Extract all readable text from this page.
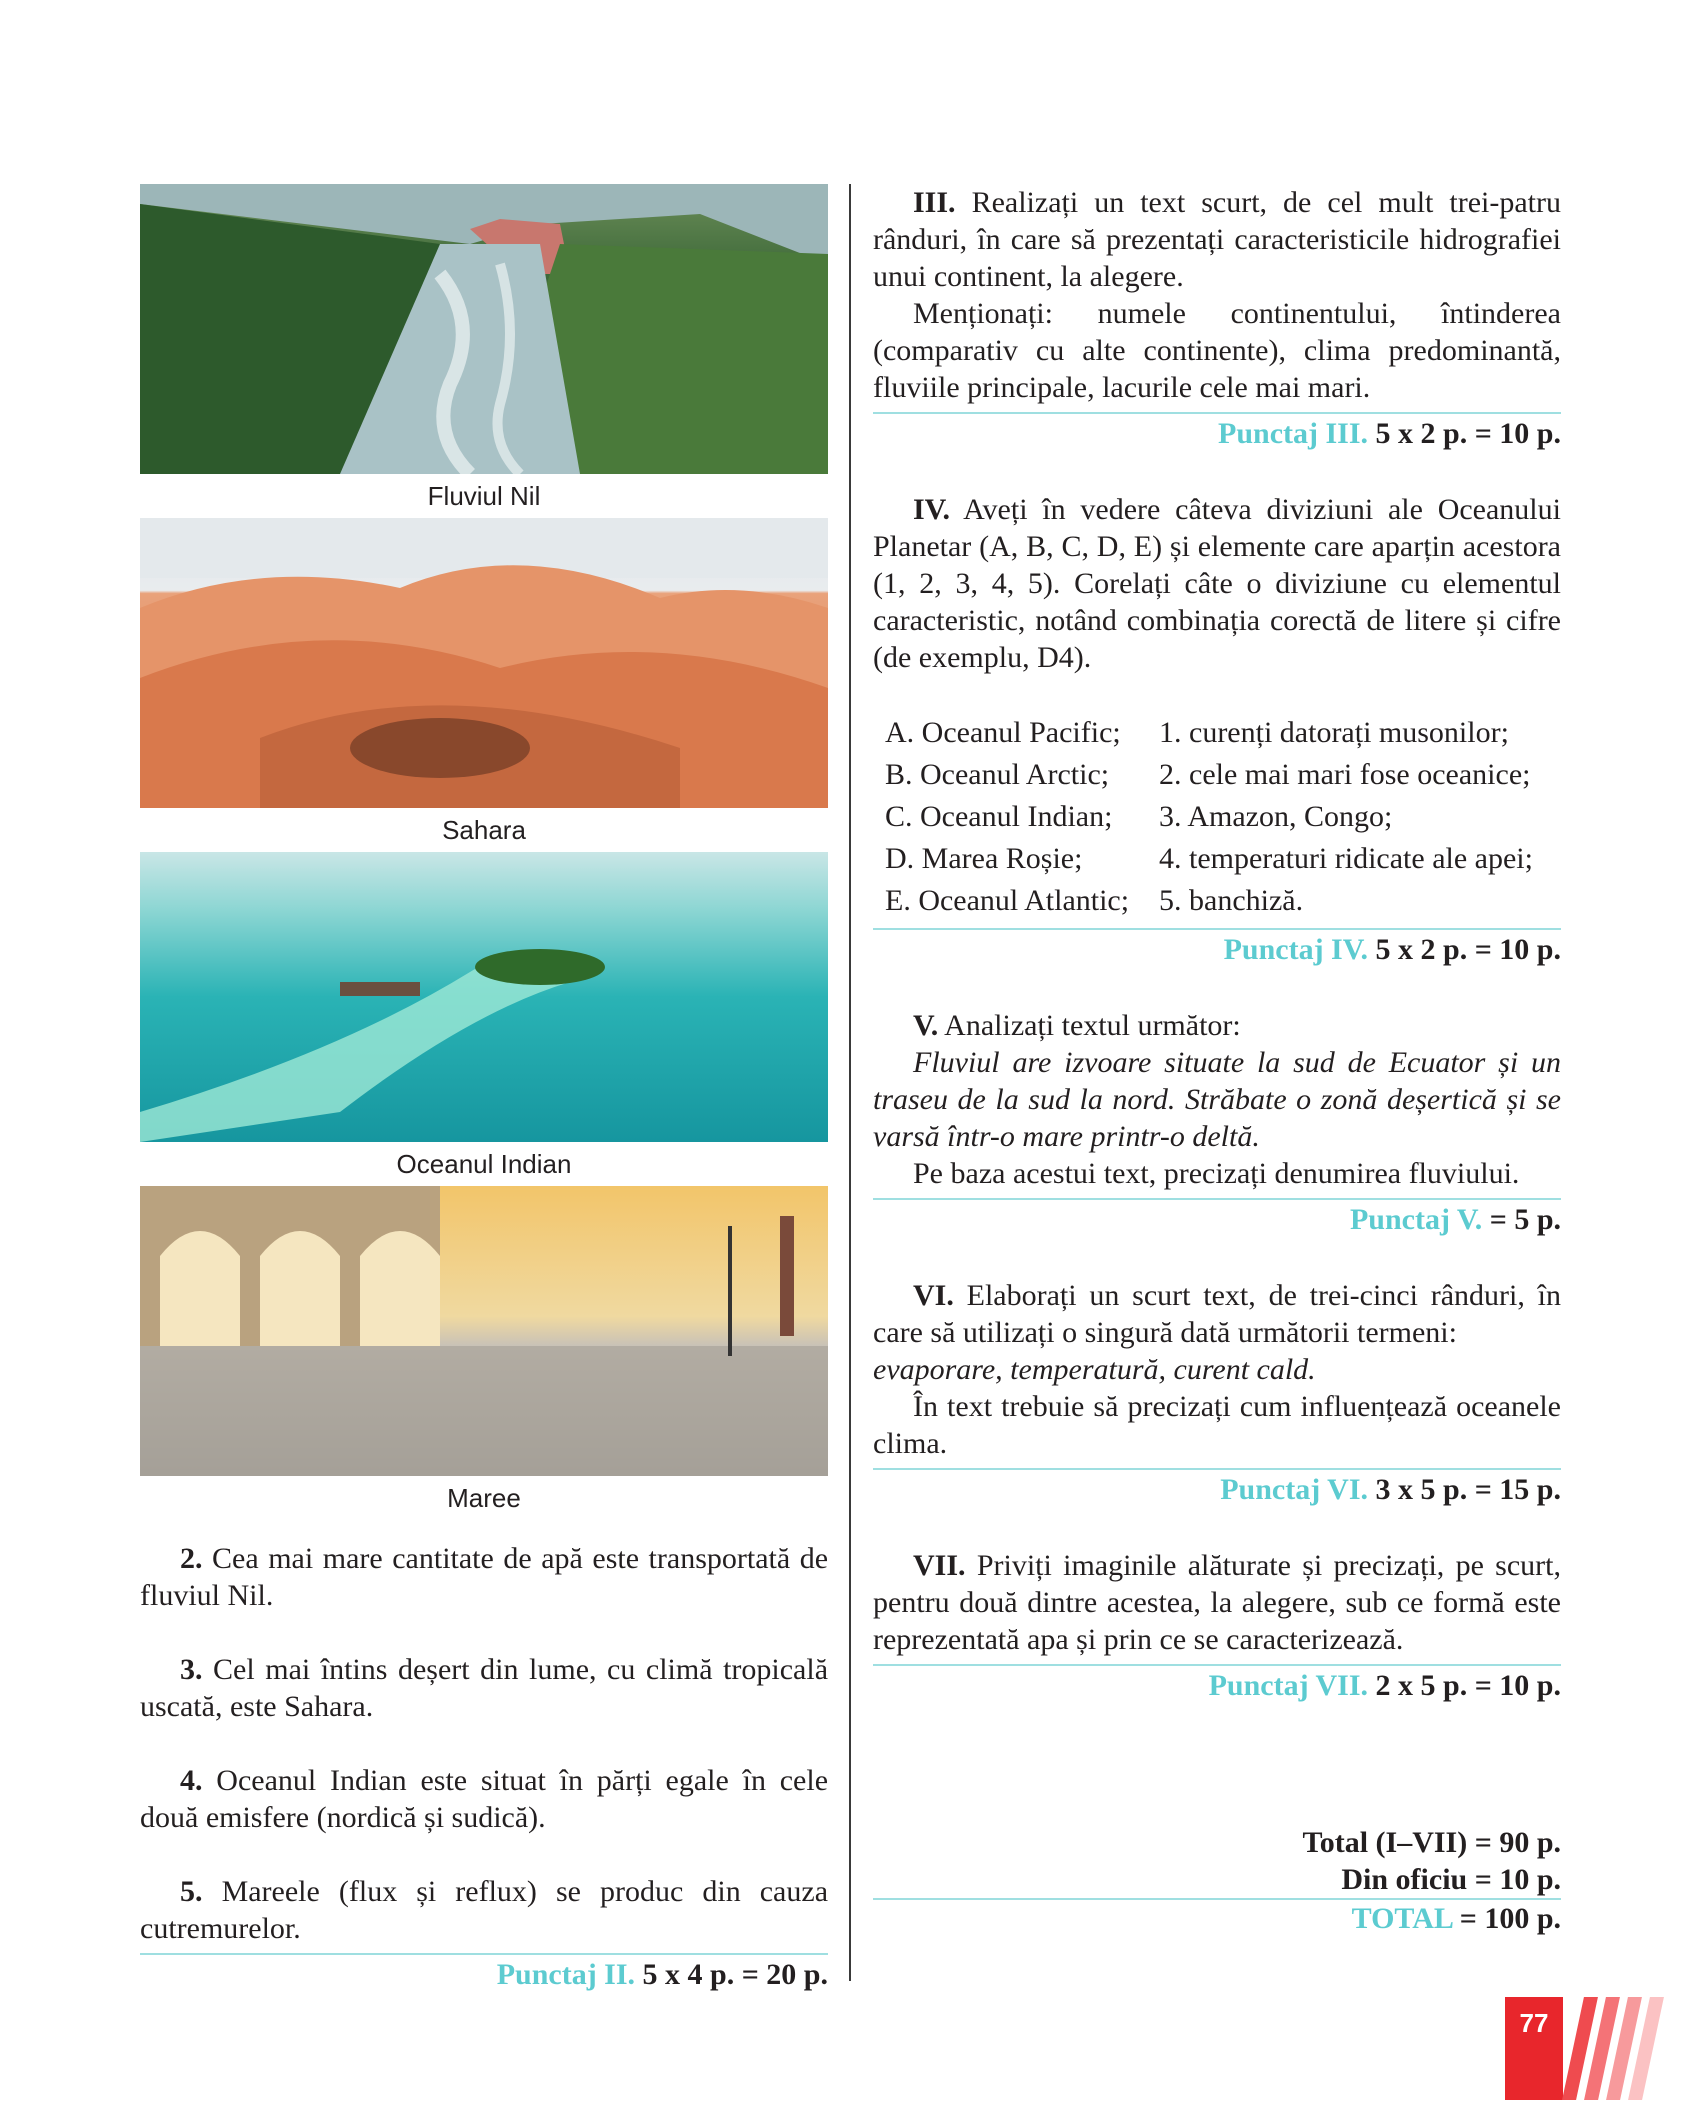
Fluviul Nil
Sahara
Oceanul Indian
Maree

2. Cea mai mare cantitate de apă este transportată de fluviul Nil.

3. Cel mai întins deșert din lume, cu climă tropicală uscată, este Sahara.

4. Oceanul Indian este situat în părți egale în cele două emisfere (nordică și sudică).

5. Mareele (flux și reflux) se produc din cauza cutremurelor.

Punctaj II. 5 x 4 p. = 20 p.

III. Realizați un text scurt, de cel mult trei-patru rânduri, în care să prezentați caracteristicile hidrografiei unui continent, la alegere.

Menționați: numele continentului, întinderea (comparativ cu alte continente), clima predominantă, fluviile principale, lacurile cele mai mari.

Punctaj III. 5 x 2 p. = 10 p.

IV. Aveți în vedere câteva diviziuni ale Oceanului Planetar (A, B, C, D, E) și elemente care aparțin acestora (1, 2, 3, 4, 5). Corelați câte o diviziune cu elementul caracteristic, notând combinația corectă de litere și cifre (de exemplu, D4).

A. Oceanul Pacific;	1. curenți datorați musonilor;
B. Oceanul Arctic;	2. cele mai mari fose oceanice;
C. Oceanul Indian;	3. Amazon, Congo;
D. Marea Roșie;	4. temperaturi ridicate ale apei;
E. Oceanul Atlantic; 5. banchiză.
Punctaj IV. 5 x 2 p. = 10 p.

V. Analizați textul următor:

Fluviul are izvoare situate la sud de Ecuator și un traseu de la sud la nord. Străbate o zonă deșertică și se varsă într-o mare printr-o deltă.

Pe baza acestui text, precizați denumirea fluviului.

Punctaj V. = 5 p.

VI. Elaborați un scurt text, de trei-cinci rânduri, în care să utilizați o singură dată următorii termeni:

evaporare, temperatură, curent cald.

În text trebuie să precizați cum influențează oceanele clima.

Punctaj VI. 3 x 5 p. = 15 p.

VII. Priviți imaginile alăturate și precizați, pe scurt, pentru două dintre acestea, la alegere, sub ce formă este reprezentată apa și prin ce se caracterizează.

Punctaj VII. 2 x 5 p. = 10 p.
Total (I–VII) = 90 p.
Din oficiu = 10 p.
TOTAL = 100 p.
77
